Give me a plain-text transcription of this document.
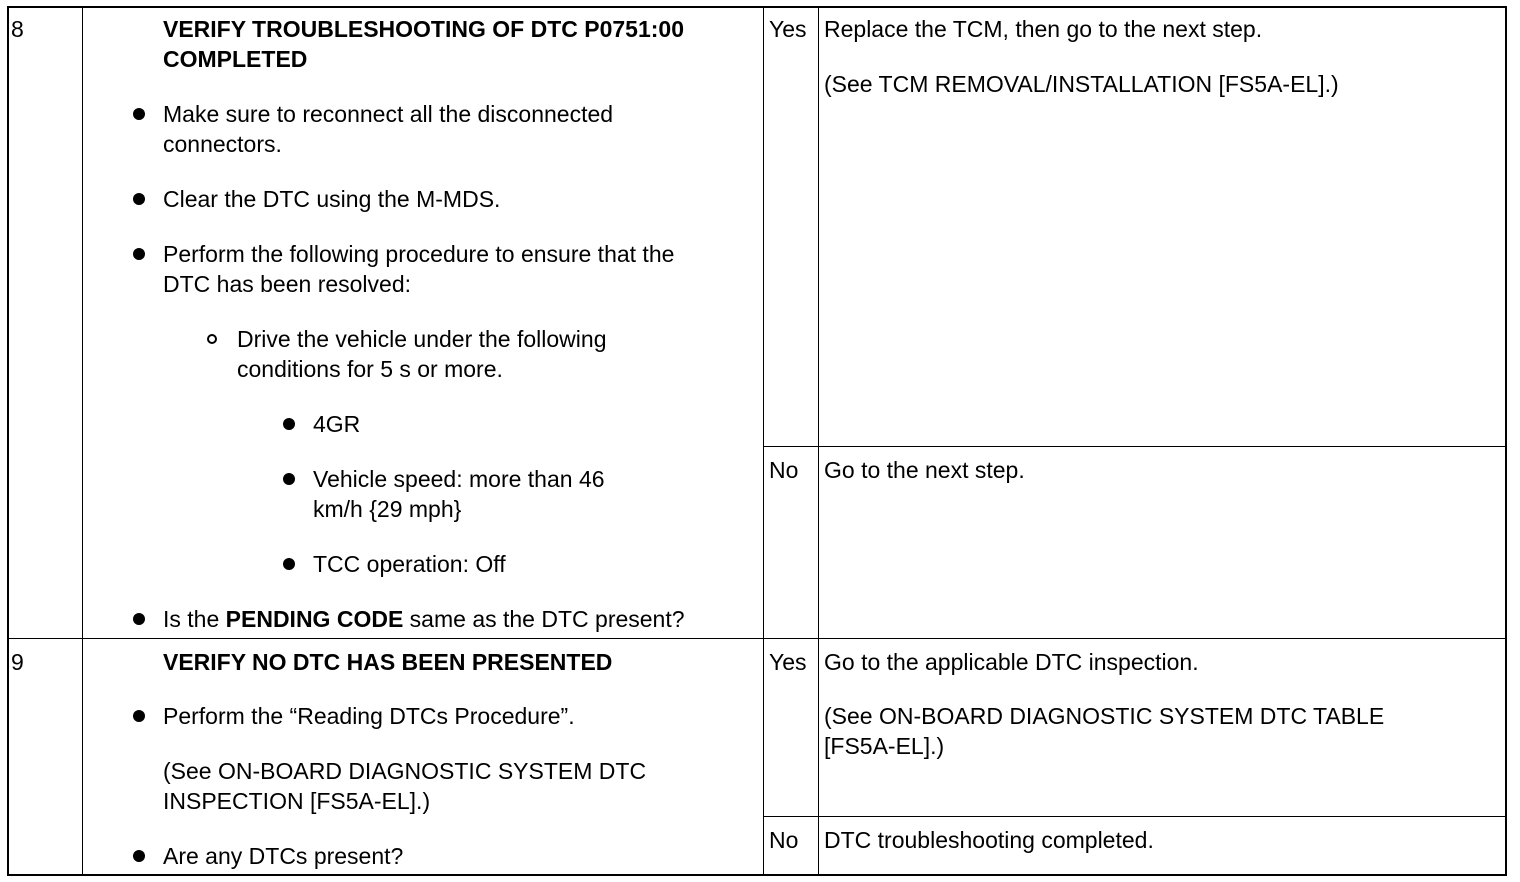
8	VERIFY TROUBLESHOOTING OF DTC P0751:00
COMPLETED
Make sure to reconnect all the disconnected
connectors.
Clear the DTC using the M-MDS.
Perform the following procedure to ensure that the
DTC has been resolved:
Drive the vehicle under the following
conditions for 5 s or more.
4GR
Vehicle speed: more than 46
km/h {29 mph}
TCC operation: Off
Is the PENDING CODE same as the DTC present?
Yes Replace the TCM, then go to the next step.
(See TCM REMOVAL/INSTALLATION [FS5A-EL].)
No Go to the next step.
9	VERIFY NO DTC HAS BEEN PRESENTED
Perform the “Reading DTCs Procedure”.
(See ON-BOARD DIAGNOSTIC SYSTEM DTC
INSPECTION [FS5A-EL].)
Are any DTCs present?
Yes Go to the applicable DTC inspection.
(See ON-BOARD DIAGNOSTIC SYSTEM DTC TABLE
[FS5A-EL].)
No DTC troubleshooting completed.
